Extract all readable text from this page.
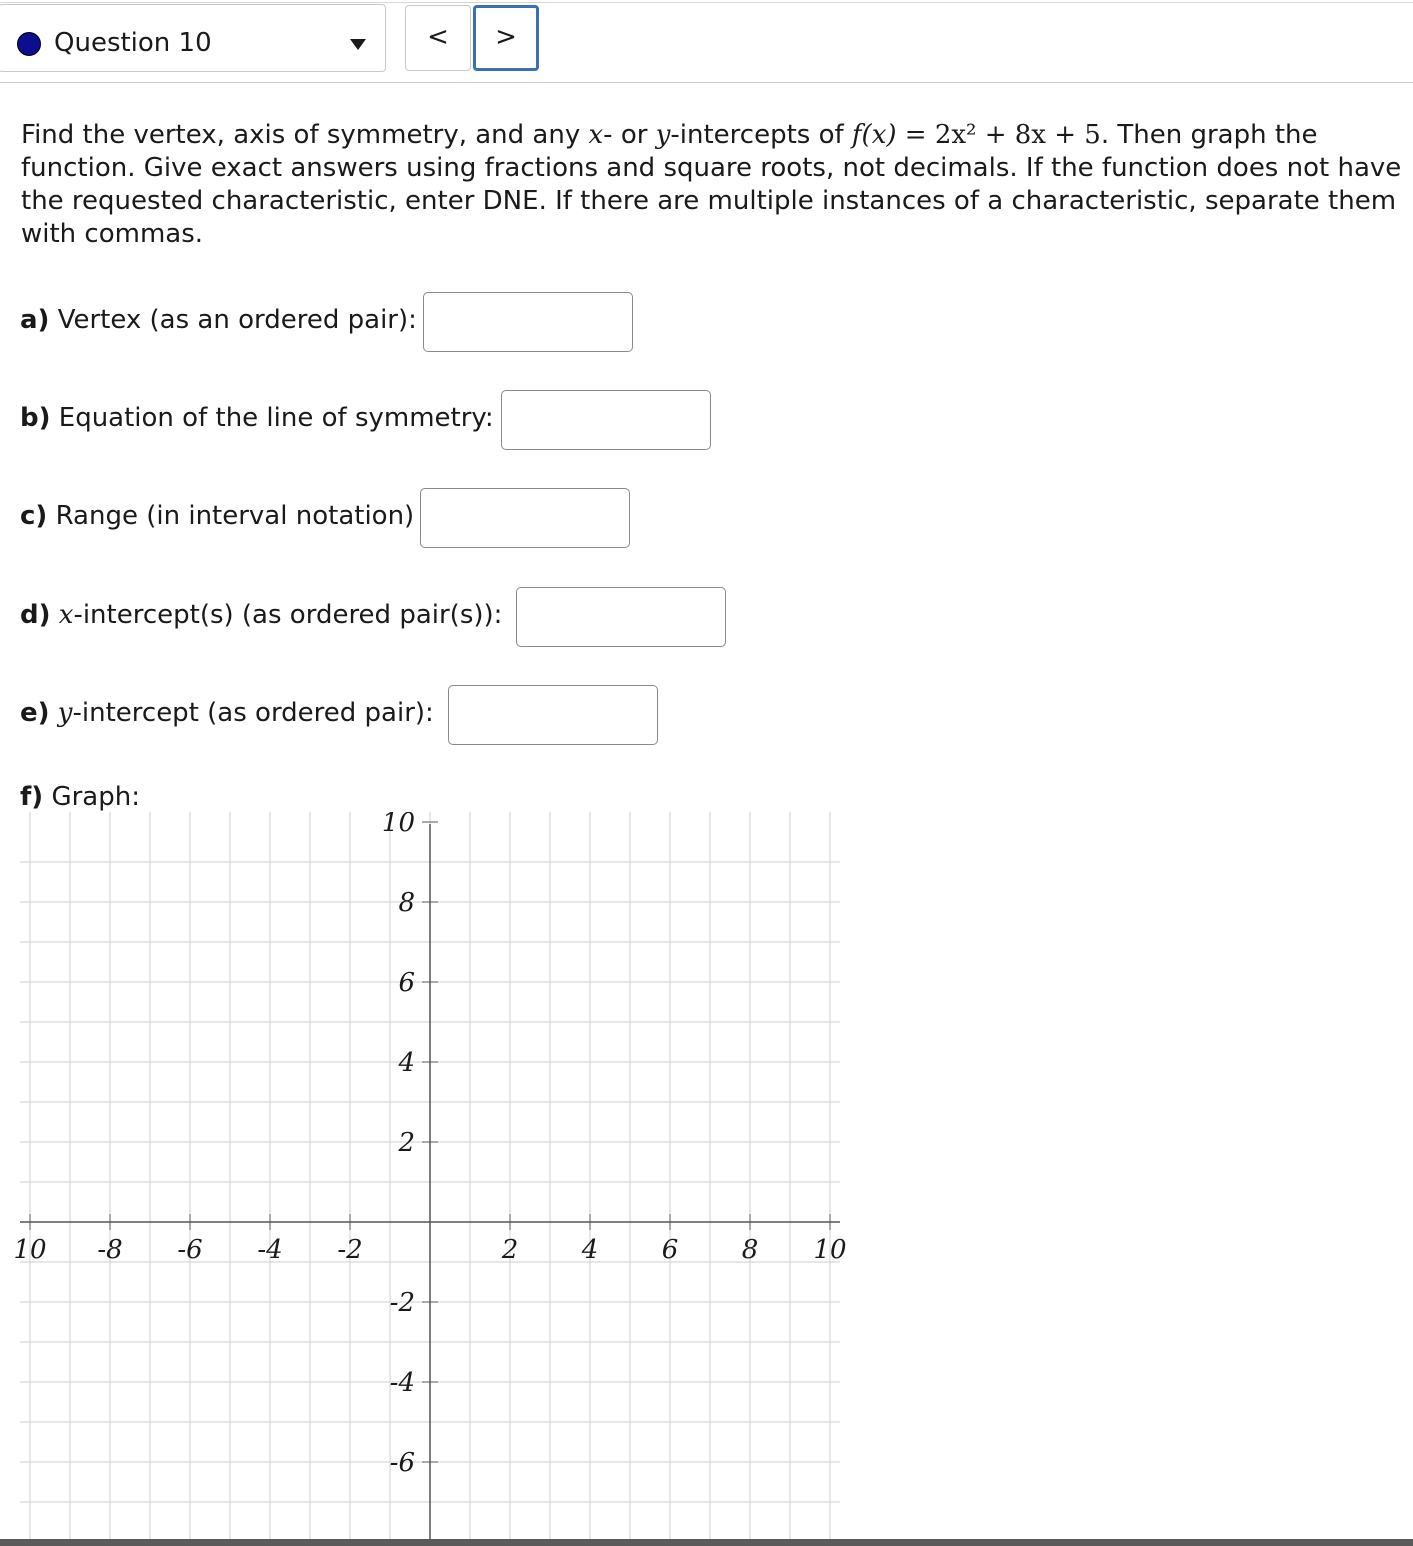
Question 10	<	>
Find the vertex, axis of symmetry, and any x- or y-intercepts of f(x) = 2x² + 8x + 5. Then graph the function. Give exact answers using fractions and square roots, not decimals. If the function does not have the requested characteristic, enter DNE. If there are multiple instances of a characteristic, separate them with commas.
a) Vertex (as an ordered pair):
b) Equation of the line of symmetry:
c) Range (in interval notation)
d) x-intercept(s) (as ordered pair(s)):
e) y-intercept (as ordered pair):
f) Graph:
10 -8 -6 -4 -2	2 4 6 8 10
10
8
6
4
2
-2
-4
-6
